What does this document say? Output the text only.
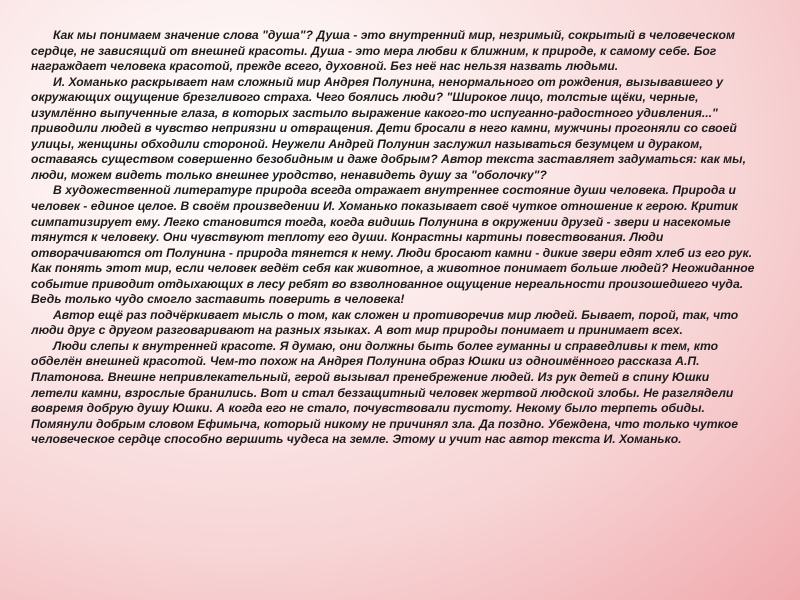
Как мы понимаем значение слова "душа"? Душа - это внутренний мир, незримый, сокрытый в человеческом сердце, не зависящий от внешней красоты. Душа - это мера любви к ближним, к природе, к самому себе. Бог награждает человека красотой, прежде всего, духовной. Без неё нас нельзя назвать людьми.

И. Хоманько раскрывает нам сложный мир Андрея Полунина, ненормального от рождения, вызывавшего у окружающих ощущение брезгливого страха. Чего боялись люди? "Широкое лицо, толстые щёки, черные, изумлённо выпученные глаза, в которых застыло выражение какого-то испуганно-радостного удивления..." приводили людей в чувство неприязни и отвращения. Дети бросали в него камни, мужчины прогоняли со своей улицы, женщины обходили стороной. Неужели Андрей Полунин заслужил называться безумцем и дураком, оставаясь существом совершенно безобидным и даже добрым? Автор текста заставляет задуматься: как мы, люди, можем видеть только внешнее уродство, ненавидеть душу за "оболочку"?

В художественной литературе природа всегда отражает внутреннее состояние души человека. Природа и человек - единое целое. В своём произведении И. Хоманько показывает своё чуткое отношение к герою. Критик симпатизирует ему. Легко становится тогда, когда видишь Полунина в окружении друзей - звери и насекомые тянутся к человеку. Они чувствуют теплоту его души. Конрастны картины повествования. Люди отворачиваются от Полунина - природа тянется к нему. Люди бросают камни - дикие звери едят хлеб из его рук. Как понять этот мир, если человек ведёт себя как животное, а животное понимает больше людей? Неожиданное событие приводит отдыхающих в лесу ребят во взволнованное ощущение нереальности произошедшего чуда. Ведь только чудо смогло заставить поверить в человека!

Автор ещё раз подчёркивает мысль о том, как сложен и противоречив мир людей. Бывает, порой, так, что люди друг с другом разговаривают на разных языках. А вот мир природы понимает и принимает всех.

Люди слепы к внутренней красоте. Я думаю, они должны быть более гуманны и справедливы к тем, кто обделён внешней красотой. Чем-то похож на Андрея Полунина образ Юшки из одноимённого рассказа А.П. Платонова. Внешне непривлекательный, герой вызывал пренебрежение людей. Из рук детей в спину Юшки летели камни, взрослые бранились. Вот и стал беззащитный человек жертвой людской злобы. Не разглядели вовремя добрую душу Юшки. А когда его не стало, почувствовали пустоту. Некому было терпеть обиды. Помянули добрым словом Ефимыча, который никому не причинял зла. Да поздно. Убеждена, что только чуткое человеческое сердце способно вершить чудеса на земле. Этому и учит нас автор текста И. Хоманько.
